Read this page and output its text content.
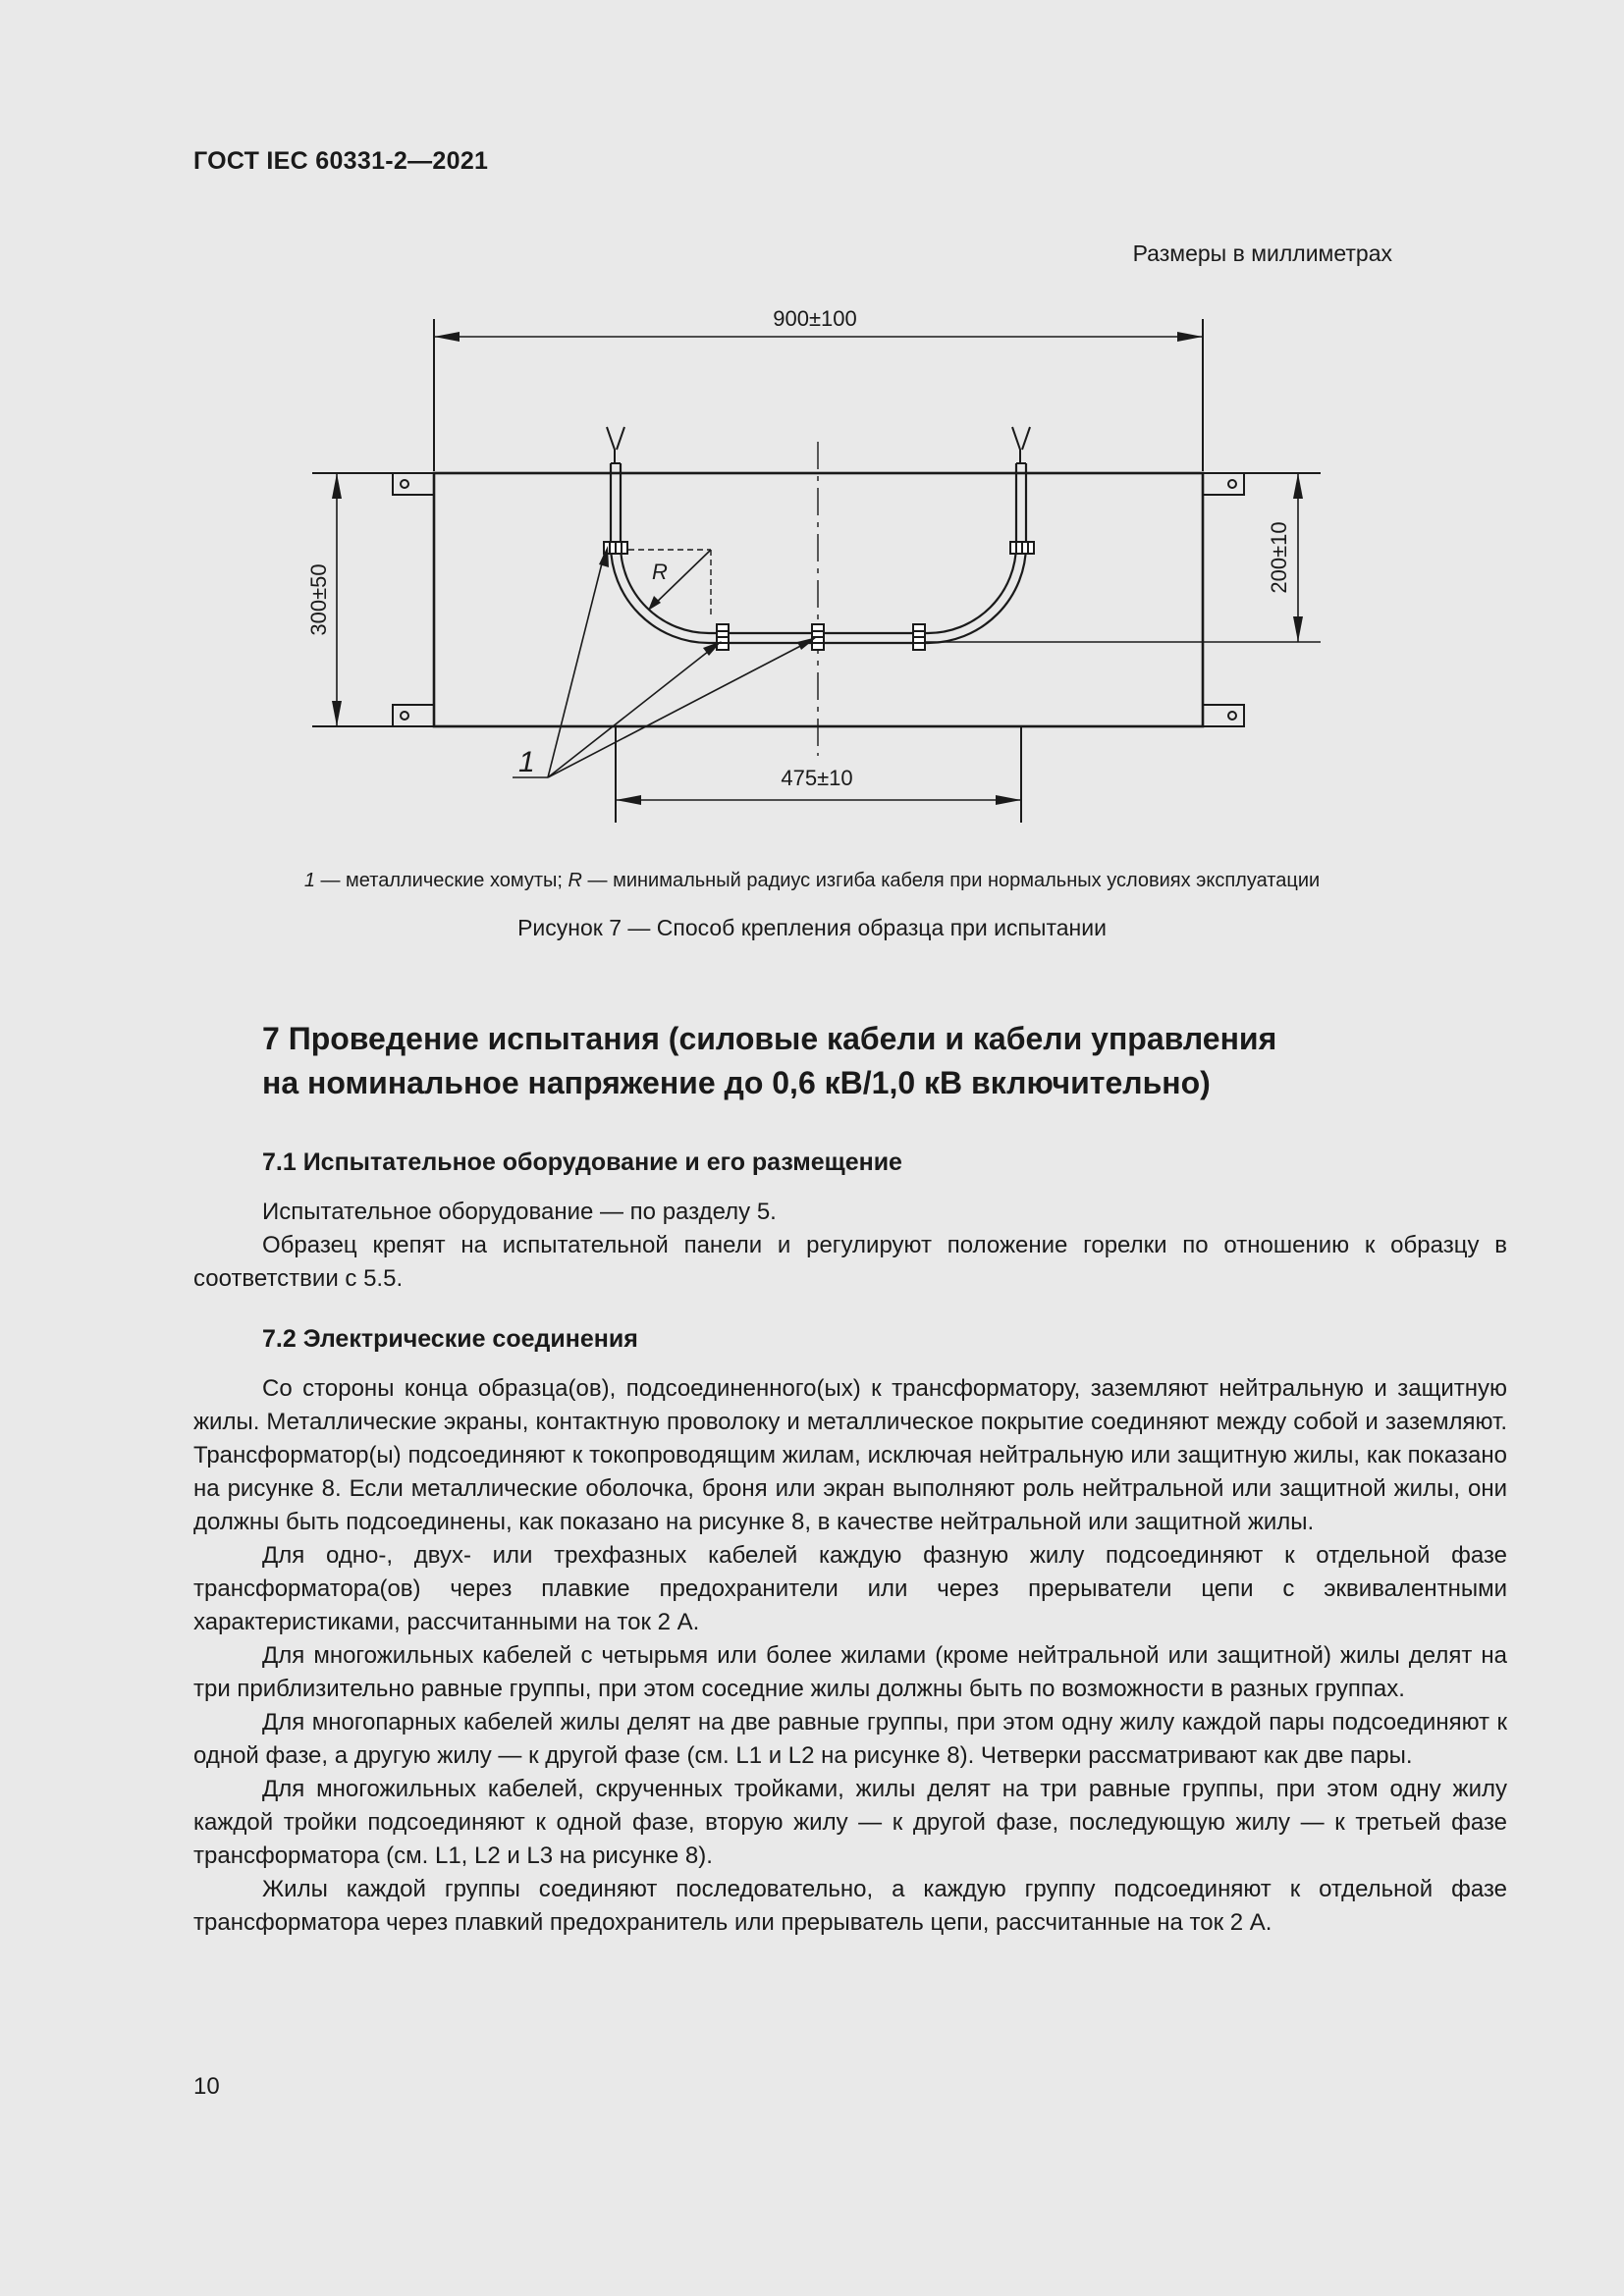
ГОСТ IEC 60331-2—2021
Размеры в миллиметрах
900±100
300±50
200±10
475±10
R
1
1 — металлические хомуты; R — минимальный радиус изгиба кабеля при нормальных условиях эксплуатации
Рисунок 7 — Способ крепления образца при испытании
7 Проведение испытания (силовые кабели и кабели управления
на номинальное напряжение до 0,6 кВ/1,0 кВ включительно)
7.1 Испытательное оборудование и его размещение

Испытательное оборудование — по разделу 5.

Образец крепят на испытательной панели и регулируют положение горелки по отношению к образцу в соответствии с 5.5.

7.2 Электрические соединения

Со стороны конца образца(ов), подсоединенного(ых) к трансформатору, заземляют нейтральную и защитную жилы. Металлические экраны, контактную проволоку и металлическое покрытие соединяют между собой и заземляют. Трансформатор(ы) подсоединяют к токопроводящим жилам, исключая нейтральную или защитную жилы, как показано на рисунке 8. Если металлические оболочка, броня или экран выполняют роль нейтральной или защитной жилы, они должны быть подсоединены, как показано на рисунке 8, в качестве нейтральной или защитной жилы.

Для одно-, двух- или трехфазных кабелей каждую фазную жилу подсоединяют к отдельной фазе трансформатора(ов) через плавкие предохранители или через прерыватели цепи с эквивалентными характеристиками, рассчитанными на ток 2 А.

Для многожильных кабелей с четырьмя или более жилами (кроме нейтральной или защитной) жилы делят на три приблизительно равные группы, при этом соседние жилы должны быть по возможности в разных группах.

Для многопарных кабелей жилы делят на две равные группы, при этом одну жилу каждой пары подсоединяют к одной фазе, а другую жилу — к другой фазе (см. L1 и L2 на рисунке 8). Четверки рассматривают как две пары.

Для многожильных кабелей, скрученных тройками, жилы делят на три равные группы, при этом одну жилу каждой тройки подсоединяют к одной фазе, вторую жилу — к другой фазе, последующую жилу — к третьей фазе трансформатора (см. L1, L2 и L3 на рисунке 8).

Жилы каждой группы соединяют последовательно, а каждую группу подсоединяют к отдельной фазе трансформатора через плавкий предохранитель или прерыватель цепи, рассчитанные на ток 2 А.

10
